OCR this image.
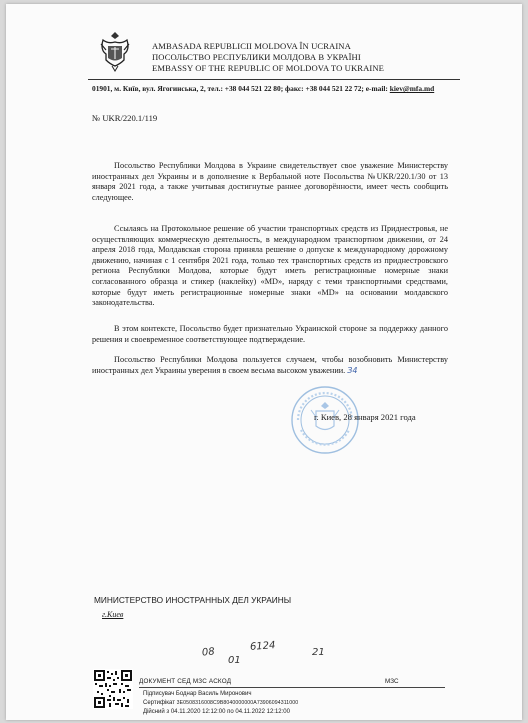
AMBASADA REPUBLICII MOLDOVA ÎN UCRAINA
ПОСОЛЬСТВО РЕСПУБЛИКИ МОЛДОВА В УКРАЇНІ
EMBASSY OF THE REPUBLIC OF MOLDOVA TO UKRAINE
01901, м. Київ, вул. Ягогинська, 2, тел.: +38 044 521 22 80; факс: +38 044 521 22 72; e-mail: kiev@mfa.md
№ UKR/220.1/119

Посольство Республики Молдова в Украине свидетельствует свое уважение Министерству иностранных дел Украины и в дополнение к Вербальной ноте Посольства №UKR/220.1/30 от 13 января 2021 года, а также учитывая достигнутые раннее договорённости, имеет честь сообщить следующее.

Ссылаясь на Протокольное решение об участии транспортных средств из Приднестровья, не осуществляющих коммерческую деятельность, в международном транспортном движении, от 24 апреля 2018 года, Молдавская сторона приняла решение о допуске к международному дорожному движению, начиная с 1 сентября 2021 года, только тех транспортных средств из приднестровского региона Республики Молдова, которые будут иметь регистрационные номерные знаки согласованного образца и стикер (наклейку) «MD», наряду с теми транспортными средствами, которые будут иметь регистрационные номерные знаки «MD» на основании молдавского законодательства.

В этом контексте, Посольство будет признательно Украинской стороне за поддержку данного решения и своевременное соответствующее подтверждение.

Посольство Республики Молдова пользуется случаем, чтобы возобновить Министерству иностранных дел Украины уверения в своем весьма высоком уважении. З4

г. Киев, 28 января 2021 года
МИНИСТЕРСТВО ИНОСТРАННЫХ ДЕЛ УКРАИНЫ
г.Киев
08
01
6124	21
ДОКУМЕНТ СЕД МЗС АСКОД	МЗС
Підписувач Боднар Василь Миронович
Сертифікат 3E0508316008C9B8040000000A73906094311000
Дійсний з 04.11.2020 12:12:00 по 04.11.2022 12:12:00
